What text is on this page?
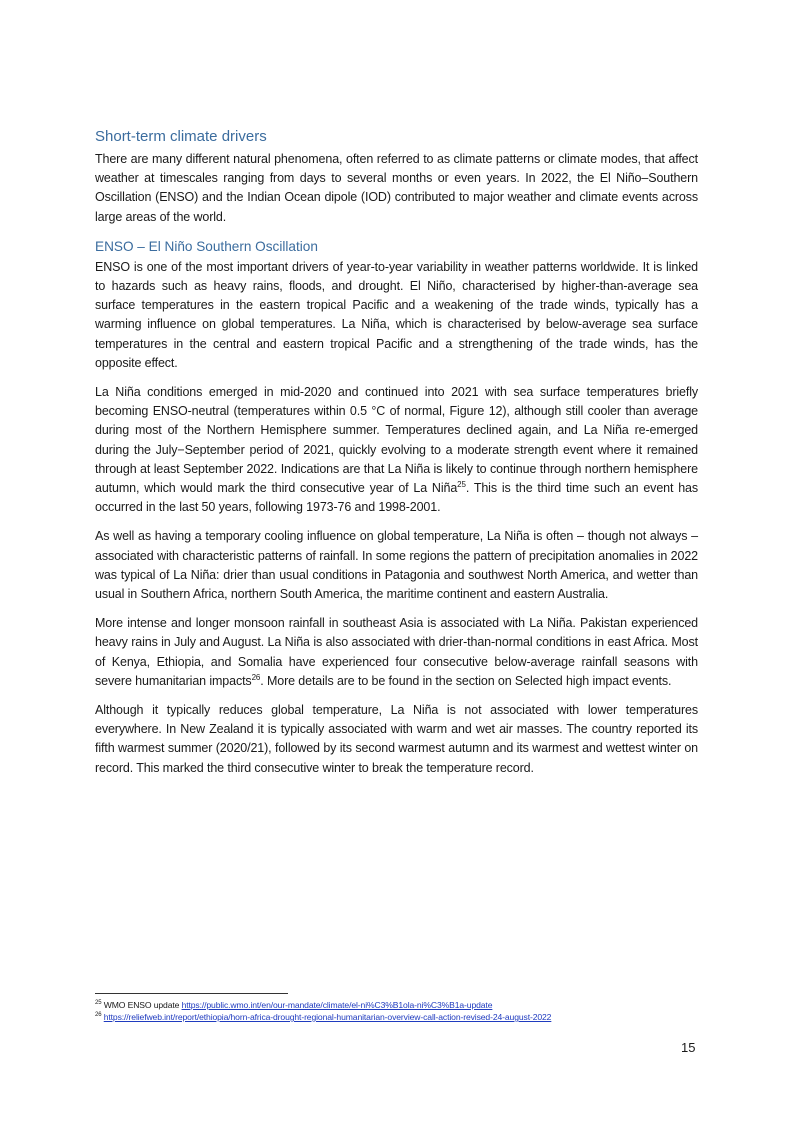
Short-term climate drivers

There are many different natural phenomena, often referred to as climate patterns or climate modes, that affect weather at timescales ranging from days to several months or even years. In 2022, the El Niño–Southern Oscillation (ENSO) and the Indian Ocean dipole (IOD) contributed to major weather and climate events across large areas of the world.

ENSO – El Niño Southern Oscillation

ENSO is one of the most important drivers of year-to-year variability in weather patterns worldwide. It is linked to hazards such as heavy rains, floods, and drought. El Niño, characterised by higher-than-average sea surface temperatures in the eastern tropical Pacific and a weakening of the trade winds, typically has a warming influence on global temperatures. La Niña, which is characterised by below-average sea surface temperatures in the central and eastern tropical Pacific and a strengthening of the trade winds, has the opposite effect.

La Niña conditions emerged in mid-2020 and continued into 2021 with sea surface temperatures briefly becoming ENSO-neutral (temperatures within 0.5 °C of normal, Figure 12), although still cooler than average during most of the Northern Hemisphere summer. Temperatures declined again, and La Niña re-emerged during the July−September period of 2021, quickly evolving to a moderate strength event where it remained through at least September 2022. Indications are that La Niña is likely to continue through northern hemisphere autumn, which would mark the third consecutive year of La Niña$^{25}$. This is the third time such an event has occurred in the last 50 years, following 1973-76 and 1998-2001.

As well as having a temporary cooling influence on global temperature, La Niña is often – though not always – associated with characteristic patterns of rainfall. In some regions the pattern of precipitation anomalies in 2022 was typical of La Niña: drier than usual conditions in Patagonia and southwest North America, and wetter than usual in Southern Africa, northern South America, the maritime continent and eastern Australia.

More intense and longer monsoon rainfall in southeast Asia is associated with La Niña. Pakistan experienced heavy rains in July and August. La Niña is also associated with drier-than-normal conditions in east Africa. Most of Kenya, Ethiopia, and Somalia have experienced four consecutive below-average rainfall seasons with severe humanitarian impacts$^{26}$. More details are to be found in the section on Selected high impact events.

Although it typically reduces global temperature, La Niña is not associated with lower temperatures everywhere. In New Zealand it is typically associated with warm and wet air masses. The country reported its fifth warmest summer (2020/21), followed by its second warmest autumn and its warmest and wettest winter on record. This marked the third consecutive winter to break the temperature record.

$^{25}$ WMO ENSO update https://public.wmo.int/en/our-mandate/climate/el-ni%C3%B1ola-ni%C3%B1a-update

$^{26}$ https://reliefweb.int/report/ethiopia/horn-africa-drought-regional-humanitarian-overview-call-action-revised-24-august-2022

15
